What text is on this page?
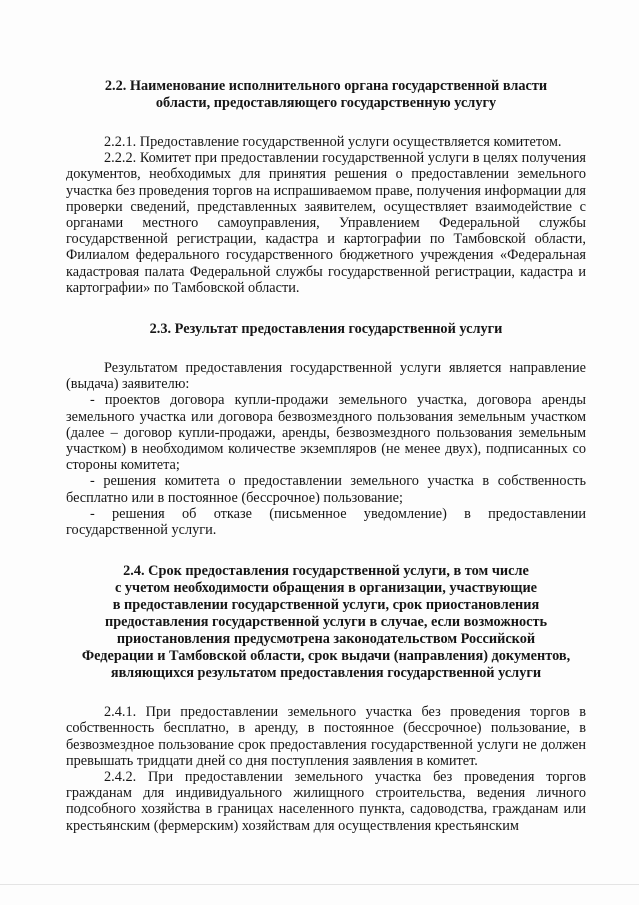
2.2. Наименование исполнительного органа государственной власти
области, предоставляющего государственную услугу

2.2.1. Предоставление государственной услуги осуществляется комитетом.

2.2.2. Комитет при предоставлении государственной услуги в целях получения документов, необходимых для принятия решения о предоставлении земельного участка без проведения торгов на испрашиваемом праве, получения информации для проверки сведений, представленных заявителем, осуществляет взаимодействие с органами местного самоуправления, Управлением Федеральной службы государственной регистрации, кадастра и картографии по Тамбовской области, Филиалом федерального государственного бюджетного учреждения «Федеральная кадастровая палата Федеральной службы государственной регистрации, кадастра и картографии» по Тамбовской области.

2.3. Результат предоставления государственной услуги

Результатом предоставления государственной услуги является направление (выдача) заявителю:

- проектов договора купли-продажи земельного участка, договора аренды земельного участка или договора безвозмездного пользования земельным участком (далее – договор купли-продажи, аренды, безвозмездного пользования земельным участком) в необходимом количестве экземпляров (не менее двух), подписанных со стороны комитета;

- решения комитета о предоставлении земельного участка в собственность бесплатно или в постоянное (бессрочное) пользование;

- решения об отказе (письменное уведомление) в предоставлении государственной услуги.

2.4. Срок предоставления государственной услуги, в том числе
с учетом необходимости обращения в организации, участвующие
в предоставлении государственной услуги, срок приостановления
предоставления государственной услуги в случае, если возможность
приостановления предусмотрена законодательством Российской
Федерации и Тамбовской области, срок выдачи (направления) документов,
являющихся результатом предоставления государственной услуги

2.4.1. При предоставлении земельного участка без проведения торгов в собственность бесплатно, в аренду, в постоянное (бессрочное) пользование, в безвозмездное пользование срок предоставления государственной услуги не должен превышать тридцати дней со дня поступления заявления в комитет.

2.4.2. При предоставлении земельного участка без проведения торгов гражданам для индивидуального жилищного строительства, ведения личного подсобного хозяйства в границах населенного пункта, садоводства, гражданам или крестьянским (фермерским) хозяйствам для осуществления крестьянским
